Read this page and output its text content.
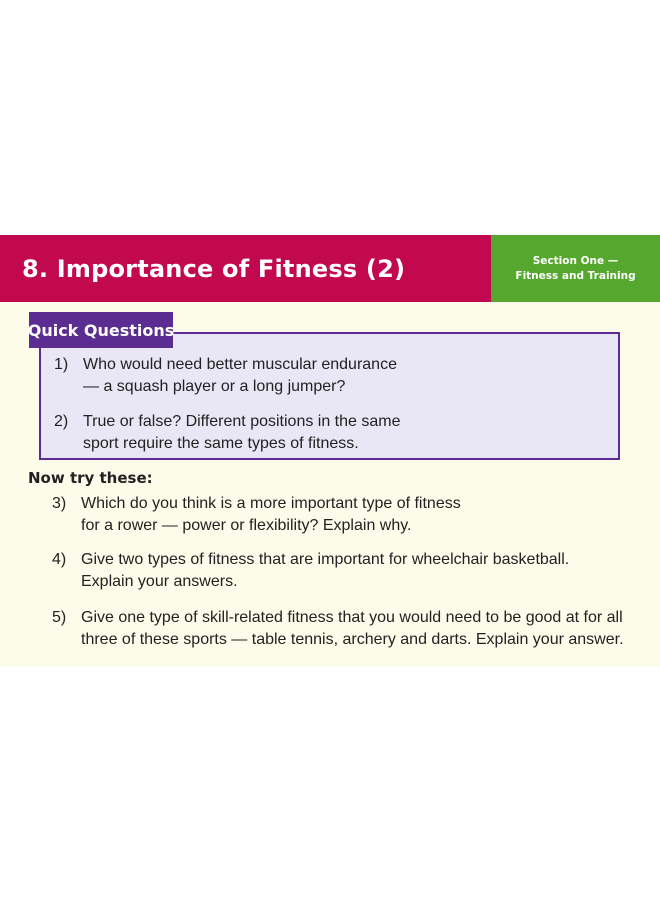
8. Importance of Fitness (2)	Section One —
Fitness and Training
Quick Questions
1) Who would need better muscular endurance
— a squash player or a long jumper?
2) True or false? Different positions in the same
sport require the same types of fitness.
Now try these:
3) Which do you think is a more important type of fitness
for a rower — power or flexibility? Explain why.
4) Give two types of fitness that are important for wheelchair basketball.
Explain your answers.
5) Give one type of skill-related fitness that you would need to be good at for all
three of these sports — table tennis, archery and darts. Explain your answer.
